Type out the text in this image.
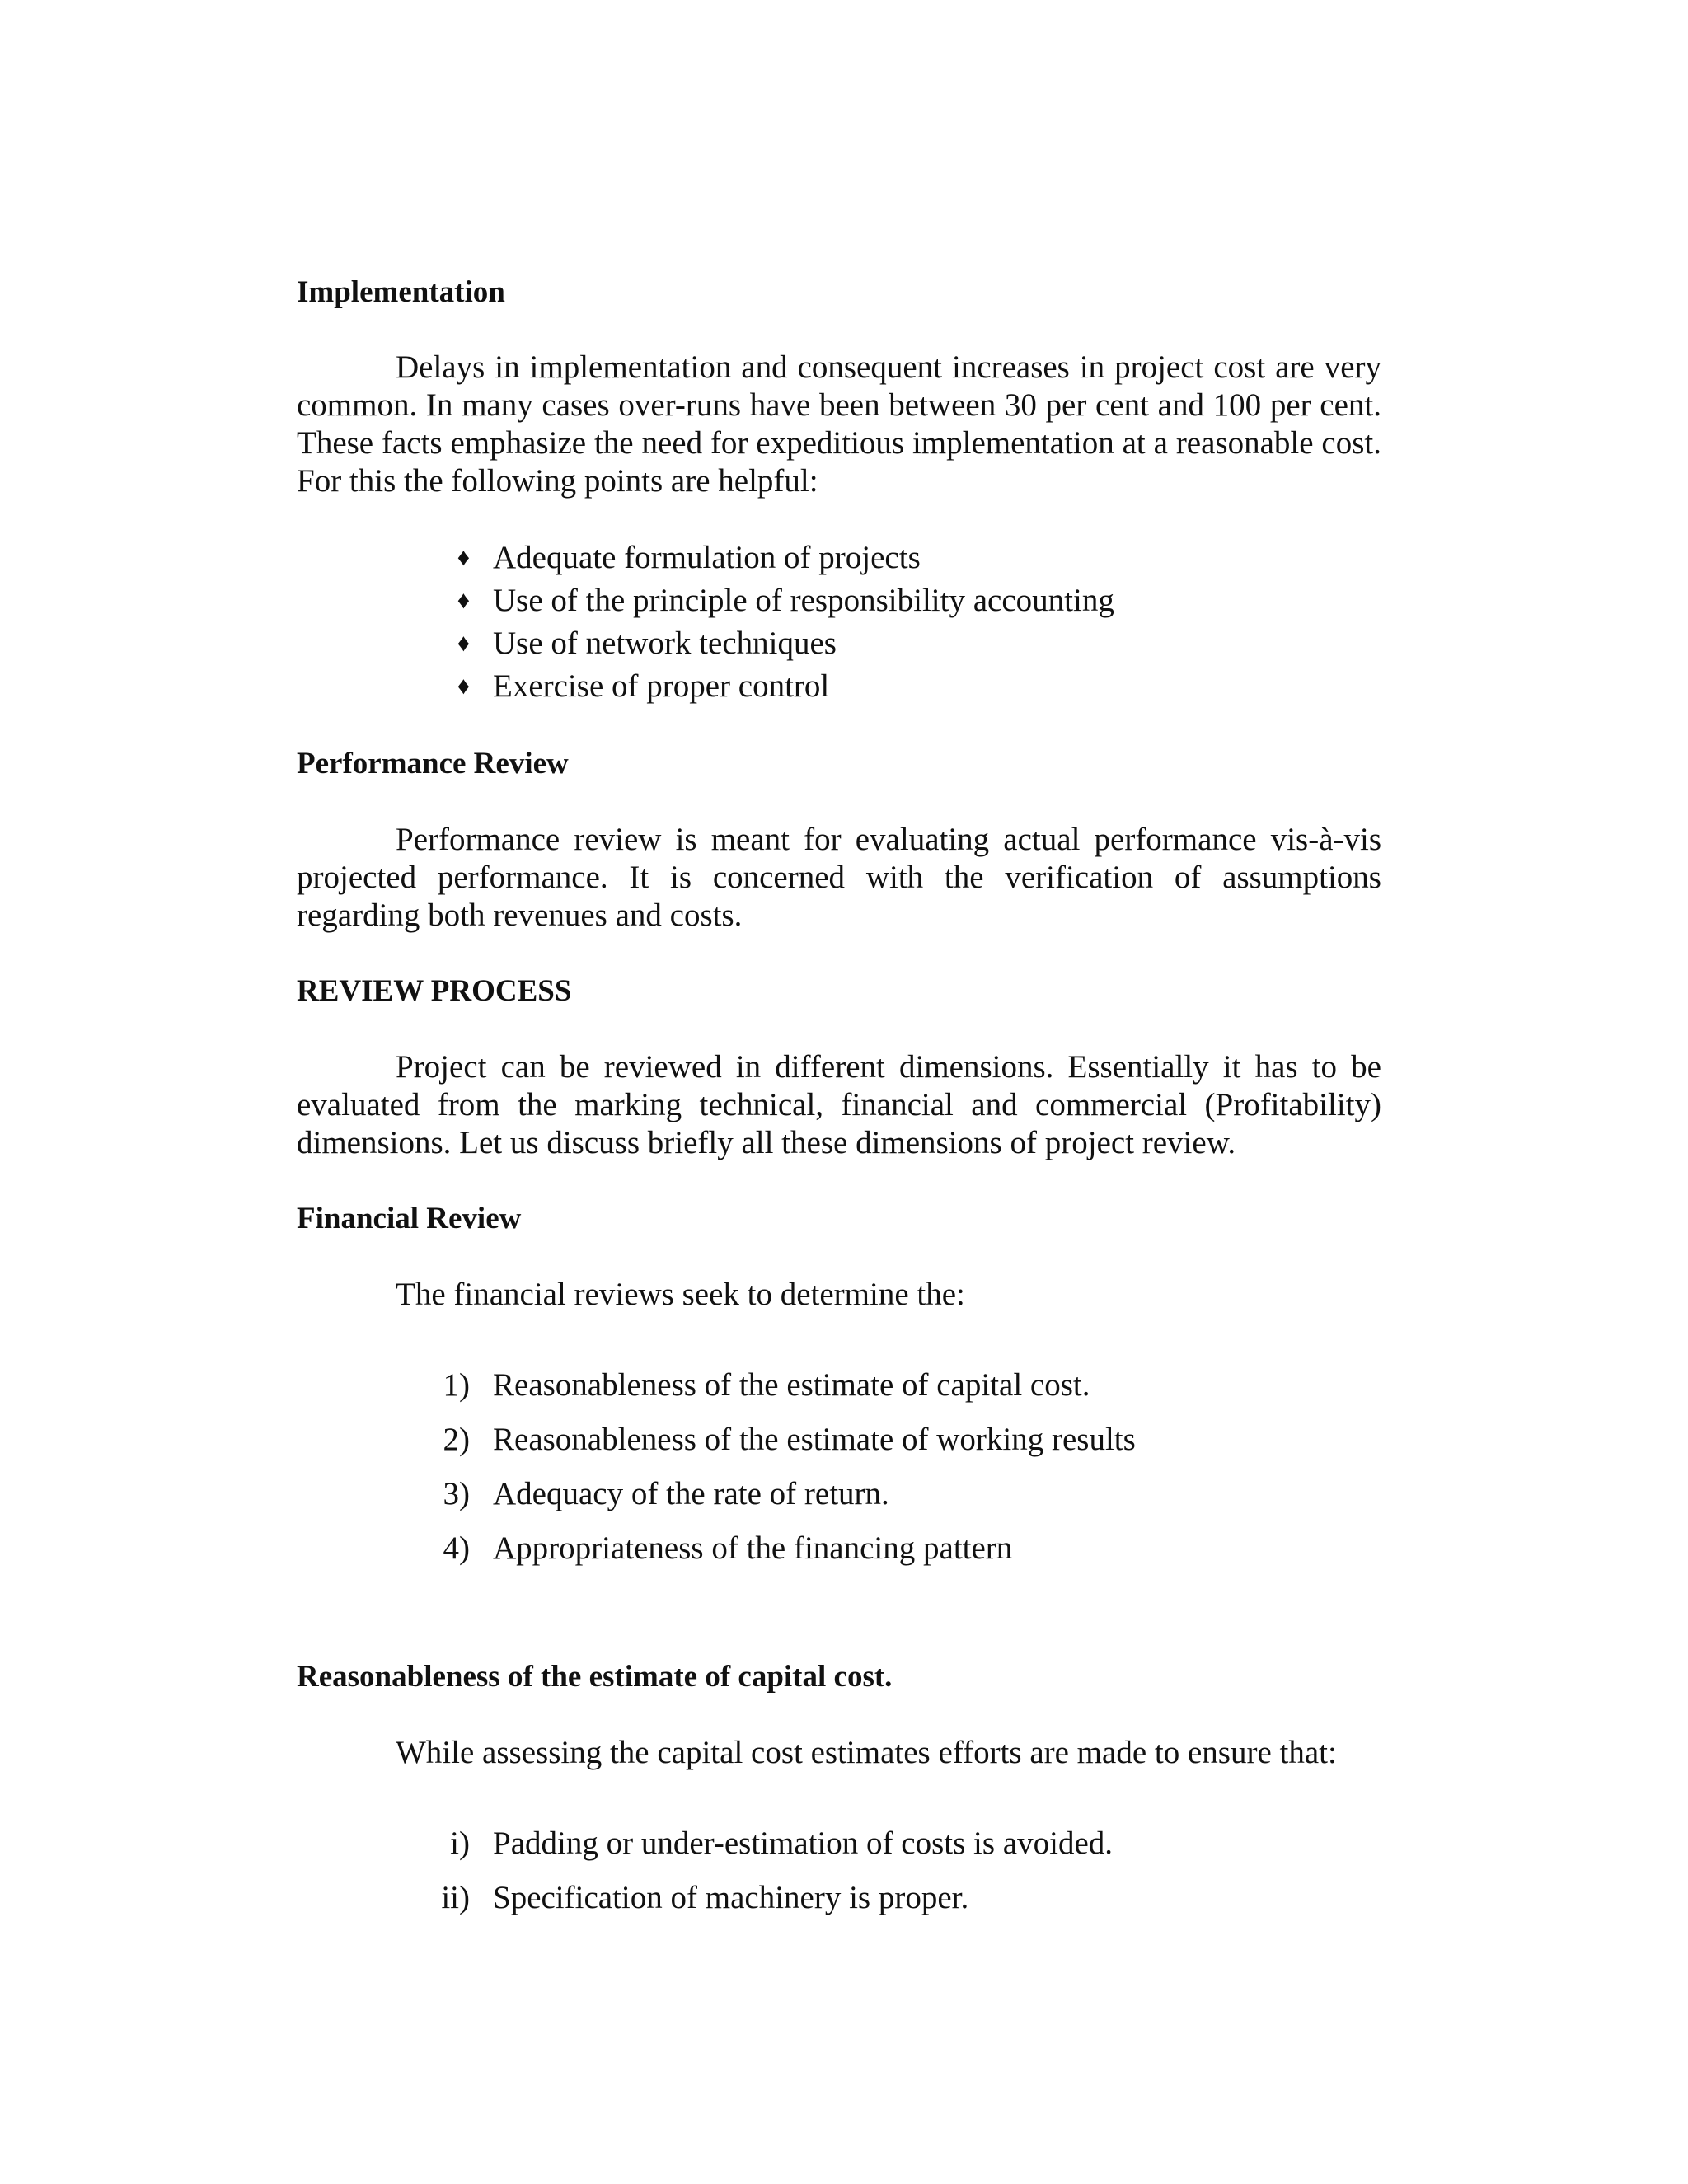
Implementation

Delays in implementation and consequent increases in project cost are very common. In many cases over-runs have been between 30 per cent and 100 per cent. These facts emphasize the need for expeditious implementation at a reasonable cost. For this the following points are helpful:

♦ Adequate formulation of projects
♦ Use of the principle of responsibility accounting
♦ Use of network techniques
♦ Exercise of proper control

Performance Review

Performance review is meant for evaluating actual performance vis-à-vis projected performance. It is concerned with the verification of assumptions regarding both revenues and costs.

REVIEW PROCESS

Project can be reviewed in different dimensions. Essentially it has to be evaluated from the marking technical, financial and commercial (Profitability) dimensions. Let us discuss briefly all these dimensions of project review.

Financial Review

The financial reviews seek to determine the:

1) Reasonableness of the estimate of capital cost.
2) Reasonableness of the estimate of working results
3) Adequacy of the rate of return.
4) Appropriateness of the financing pattern

Reasonableness of the estimate of capital cost.

While assessing the capital cost estimates efforts are made to ensure that:

i) Padding or under-estimation of costs is avoided.
ii) Specification of machinery is proper.
